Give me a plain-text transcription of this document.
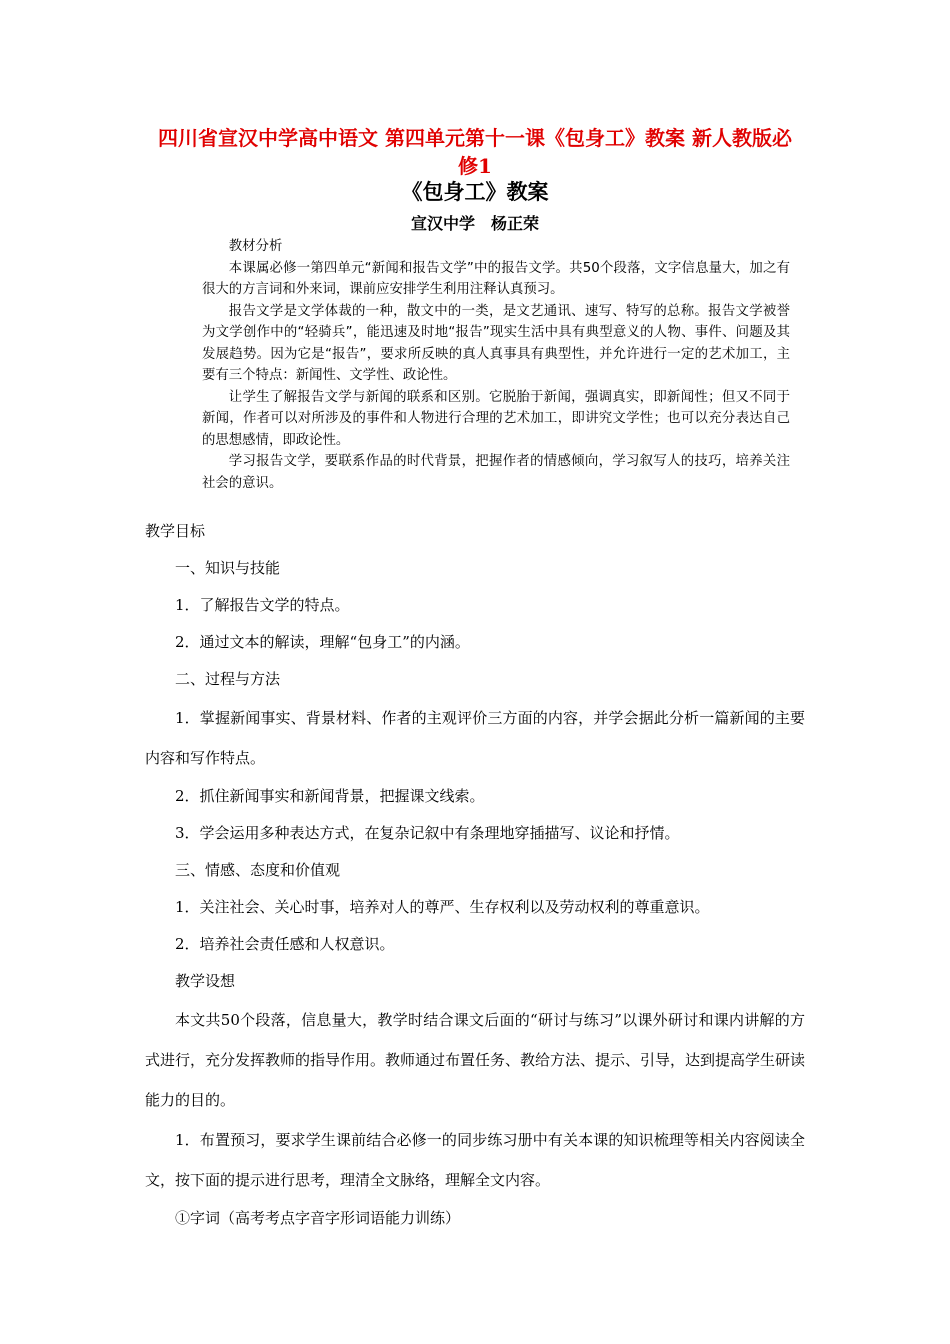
四川省宣汉中学高中语文 第四单元第十一课《包身工》教案 新人教版必修1
《包身工》教案
宣汉中学　杨正荣

教材分析

本课属必修一第四单元“新闻和报告文学”中的报告文学。共50个段落，文字信息量大，加之有很大的方言词和外来词，课前应安排学生利用注释认真预习。

报告文学是文学体裁的一种，散文中的一类，是文艺通讯、速写、特写的总称。报告文学被誉为文学创作中的“轻骑兵”，能迅速及时地“报告”现实生活中具有典型意义的人物、事件、问题及其发展趋势。因为它是“报告”，要求所反映的真人真事具有典型性，并允许进行一定的艺术加工，主要有三个特点：新闻性、文学性、政论性。

让学生了解报告文学与新闻的联系和区别。它脱胎于新闻，强调真实，即新闻性；但又不同于新闻，作者可以对所涉及的事件和人物进行合理的艺术加工，即讲究文学性；也可以充分表达自己的思想感情，即政论性。

学习报告文学，要联系作品的时代背景，把握作者的情感倾向，学习叙写人的技巧，培养关注社会的意识。

教学目标

一、知识与技能

1．了解报告文学的特点。

2．通过文本的解读，理解“包身工”的内涵。

二、过程与方法

1．掌握新闻事实、背景材料、作者的主观评价三方面的内容，并学会据此分析一篇新闻的主要内容和写作特点。

2．抓住新闻事实和新闻背景，把握课文线索。

3．学会运用多种表达方式，在复杂记叙中有条理地穿插描写、议论和抒情。

三、情感、态度和价值观

1．关注社会、关心时事，培养对人的尊严、生存权利以及劳动权利的尊重意识。

2．培养社会责任感和人权意识。

教学设想

本文共50个段落，信息量大，教学时结合课文后面的“研讨与练习”以课外研讨和课内讲解的方式进行，充分发挥教师的指导作用。教师通过布置任务、教给方法、提示、引导，达到提高学生研读能力的目的。

1．布置预习，要求学生课前结合必修一的同步练习册中有关本课的知识梳理等相关内容阅读全文，按下面的提示进行思考，理清全文脉络，理解全文内容。

①字词（高考考点字音字形词语能力训练）
